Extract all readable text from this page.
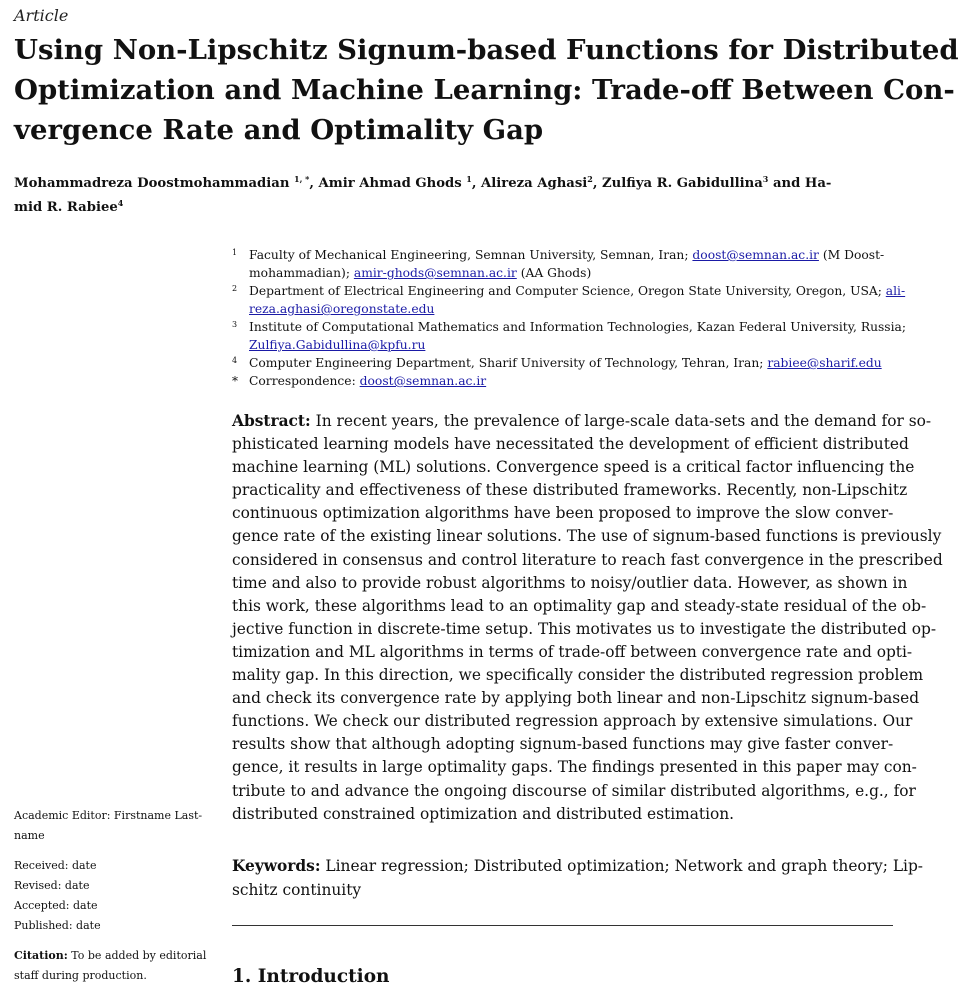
Article
Using Non-Lipschitz Signum-based Functions for Distributed
Optimization and Machine Learning: Trade-off Between Con-
vergence Rate and Optimality Gap
Mohammadreza Doostmohammadian $^{1, *}$, Amir Ahmad Ghods $^1$, Alireza Aghasi$^2$, Zulfiya R. Gabidullina$^3$ and Ha-
mid R. Rabiee$^4$
1 Faculty of Mechanical Engineering, Semnan University, Semnan, Iran; doost@semnan.ac.ir (M Doost-
mohammadian); amir-ghods@semnan.ac.ir (AA Ghods)
2 Department of Electrical Engineering and Computer Science, Oregon State University, Oregon, USA; ali-
reza.aghasi@oregonstate.edu
3 Institute of Computational Mathematics and Information Technologies, Kazan Federal University, Russia;
Zulfiya.Gabidullina@kpfu.ru
4 Computer Engineering Department, Sharif University of Technology, Tehran, Iran; rabiee@sharif.edu
* Correspondence: doost@semnan.ac.ir
Abstract: In recent years, the prevalence of large-scale data-sets and the demand for so-
phisticated learning models have necessitated the development of efficient distributed
machine learning (ML) solutions. Convergence speed is a critical factor influencing the
practicality and effectiveness of these distributed frameworks. Recently, non-Lipschitz
continuous optimization algorithms have been proposed to improve the slow conver-
gence rate of the existing linear solutions. The use of signum-based functions is previously
considered in consensus and control literature to reach fast convergence in the prescribed
time and also to provide robust algorithms to noisy/outlier data. However, as shown in
this work, these algorithms lead to an optimality gap and steady-state residual of the ob-
jective function in discrete-time setup. This motivates us to investigate the distributed op-
timization and ML algorithms in terms of trade-off between convergence rate and opti-
mality gap. In this direction, we specifically consider the distributed regression problem
and check its convergence rate by applying both linear and non-Lipschitz signum-based
functions. We check our distributed regression approach by extensive simulations. Our
results show that although adopting signum-based functions may give faster conver-
gence, it results in large optimality gaps. The findings presented in this paper may con-
tribute to and advance the ongoing discourse of similar distributed algorithms, e.g., for
distributed constrained optimization and distributed estimation.
Keywords: Linear regression; Distributed optimization; Network and graph theory; Lip-
schitz continuity
1. Introduction
Academic Editor: Firstname Last-
name
Received: date
Revised: date
Accepted: date
Published: date
Citation: To be added by editorial
staff during production.
